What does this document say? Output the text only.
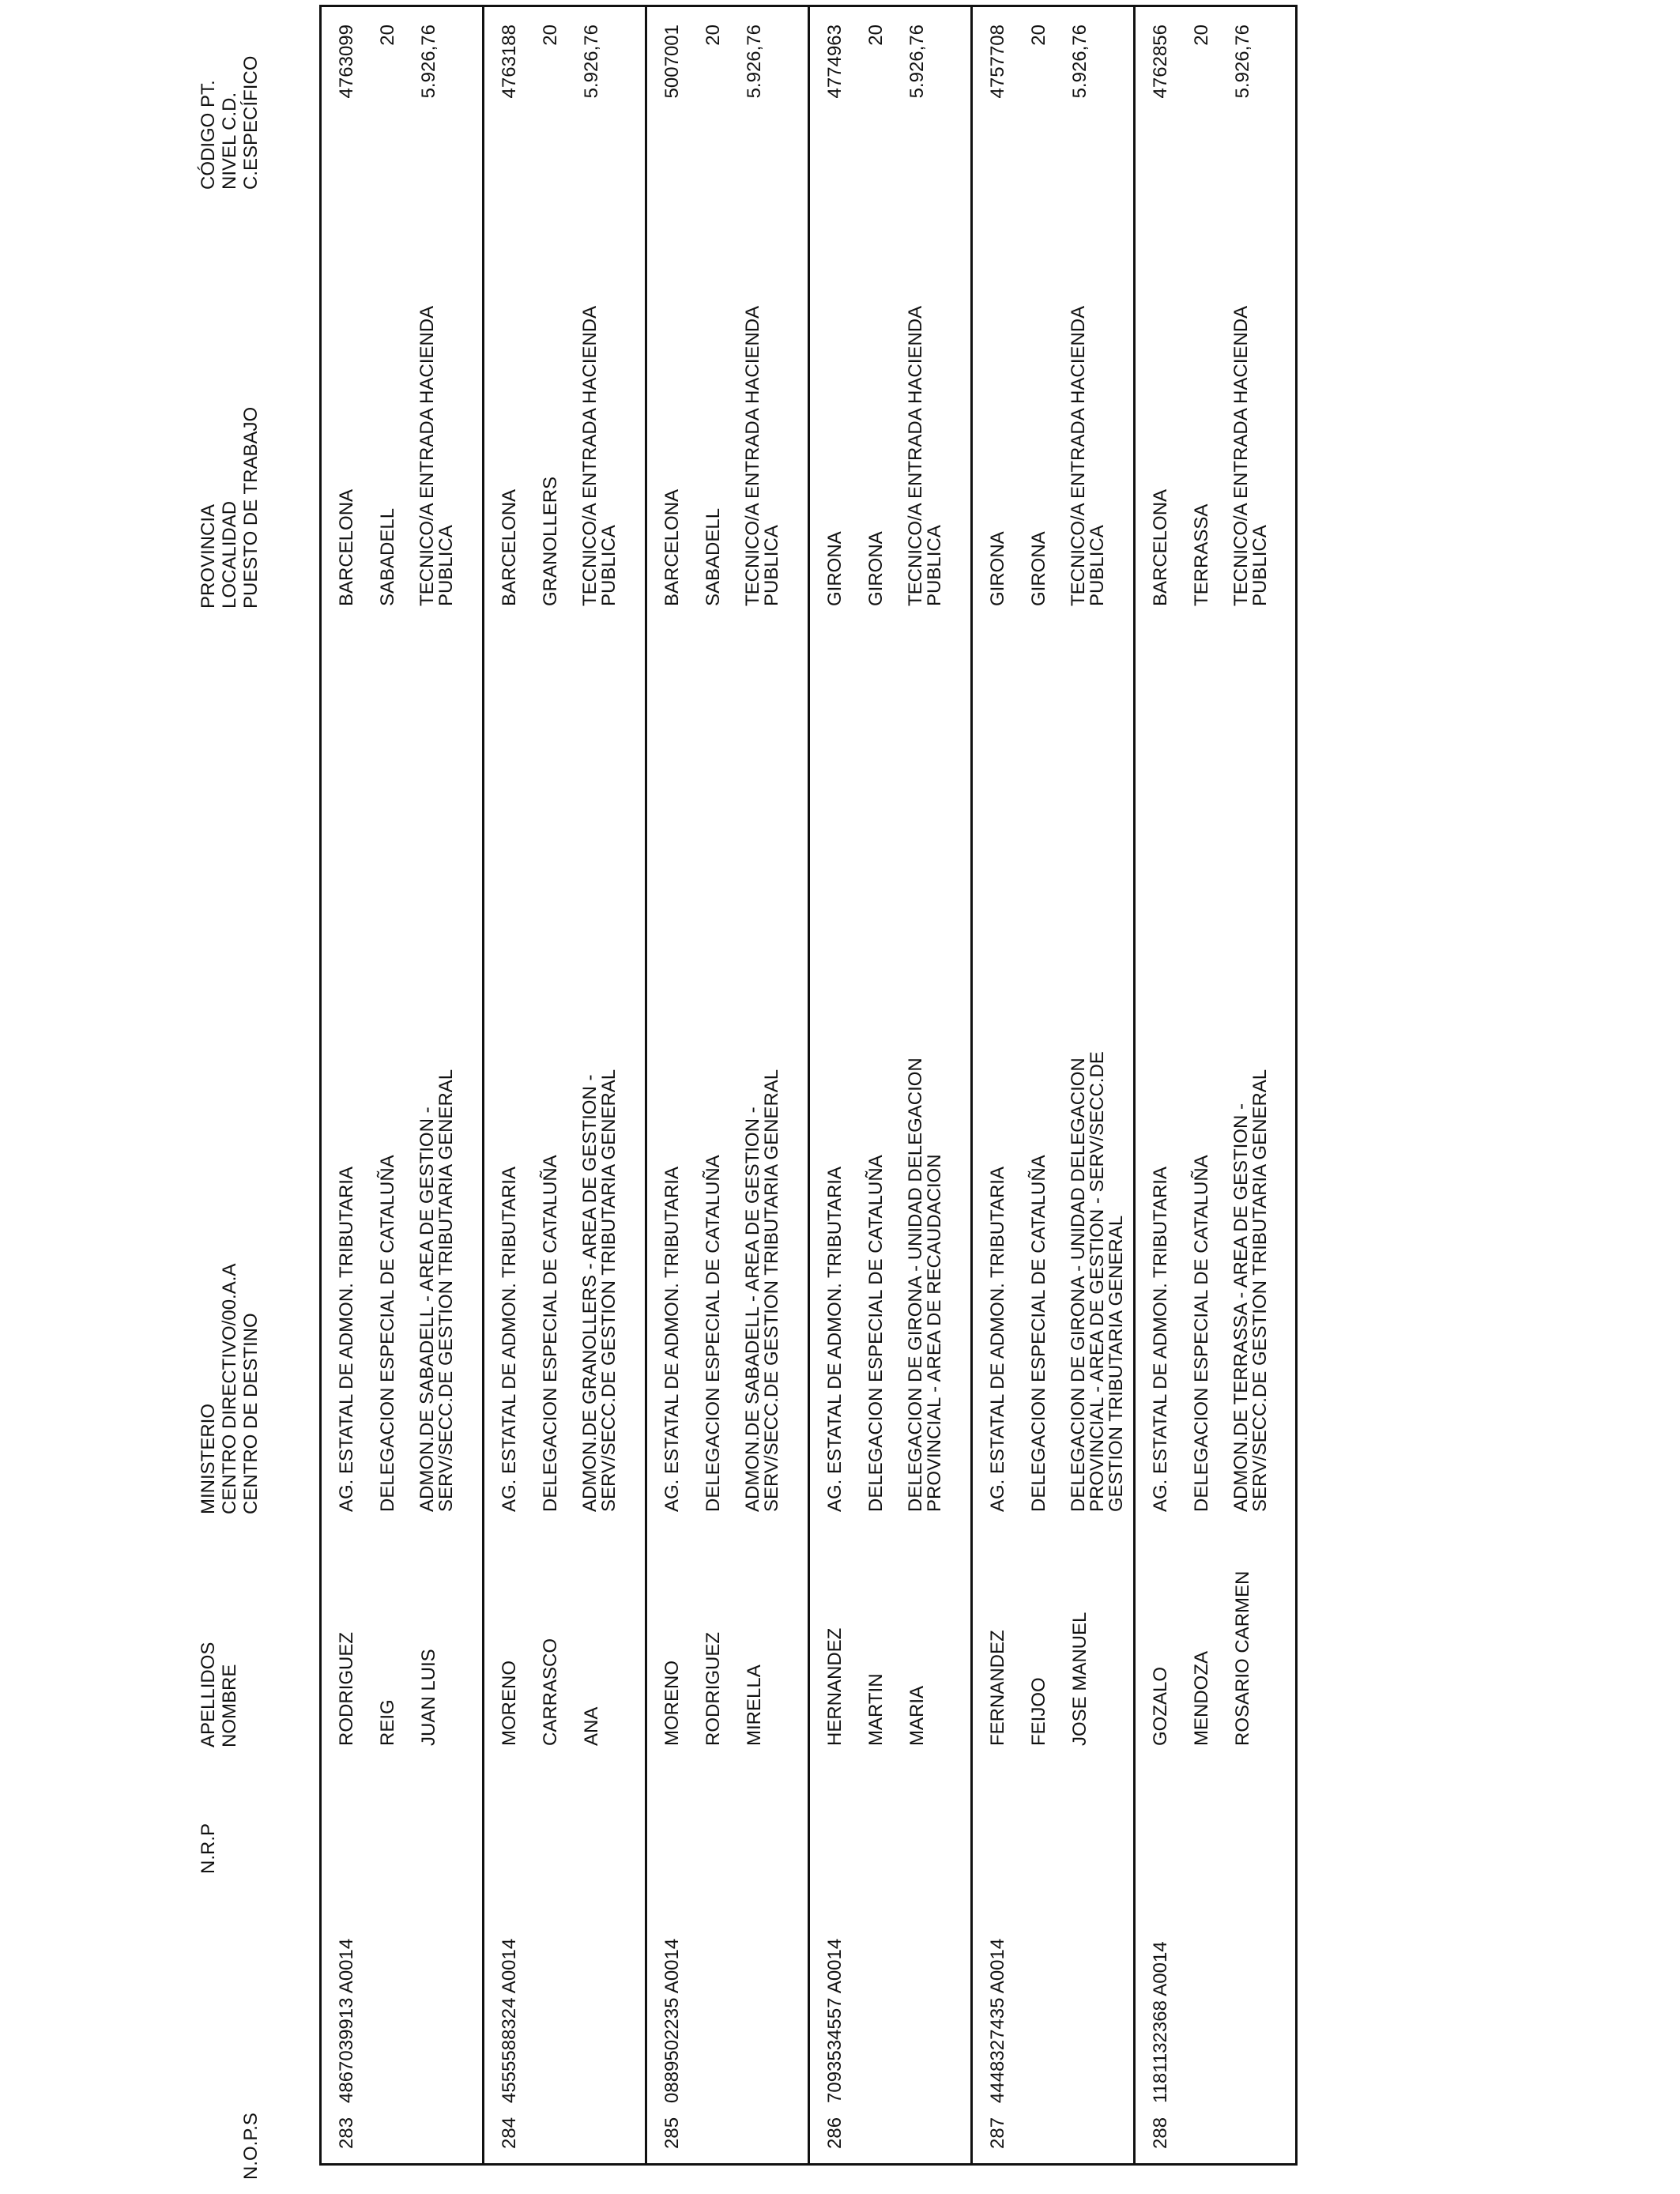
N.O.P.S
N.R.P
APELLIDOS NOMBRE
MINISTERIO CENTRO DIRECTIVO/00.A.A CENTRO DE DESTINO
PROVINCIA LOCALIDAD PUESTO DE TRABAJO
CÓDIGO PT. NIVEL C.D. C.ESPECÍFICO
283
4867039913 A0014
RODRIGUEZ REIG JUAN LUIS
AG. ESTATAL DE ADMON. TRIBUTARIA DELEGACION ESPECIAL DE CATALUÑA ADMON.DE SABADELL - AREA DE GESTION - SERV/SECC.DE GESTION TRIBUTARIA GENERAL
BARCELONA SABADELL TECNICO/A ENTRADA HACIENDA PUBLICA
4763099 20 5.926,76
284
4555588324 A0014
MORENO CARRASCO ANA
AG. ESTATAL DE ADMON. TRIBUTARIA DELEGACION ESPECIAL DE CATALUÑA ADMON.DE GRANOLLERS - AREA DE GESTION - SERV/SECC.DE GESTION TRIBUTARIA GENERAL
BARCELONA GRANOLLERS TECNICO/A ENTRADA HACIENDA PUBLICA
4763188 20 5.926,76
285
0889502235 A0014
MORENO RODRIGUEZ MIRELLA
AG. ESTATAL DE ADMON. TRIBUTARIA DELEGACION ESPECIAL DE CATALUÑA ADMON.DE SABADELL - AREA DE GESTION - SERV/SECC.DE GESTION TRIBUTARIA GENERAL
BARCELONA SABADELL TECNICO/A ENTRADA HACIENDA PUBLICA
5007001 20 5.926,76
286
7093534557 A0014
HERNANDEZ MARTIN MARIA
AG. ESTATAL DE ADMON. TRIBUTARIA DELEGACION ESPECIAL DE CATALUÑA DELEGACION DE GIRONA - UNIDAD DELEGACION PROVINCIAL - AREA DE RECAUDACION
GIRONA GIRONA TECNICO/A ENTRADA HACIENDA PUBLICA
4774963 20 5.926,76
287
4448327435 A0014
FERNANDEZ FEIJOO JOSE MANUEL
AG. ESTATAL DE ADMON. TRIBUTARIA DELEGACION ESPECIAL DE CATALUÑA DELEGACION DE GIRONA - UNIDAD DELEGACION PROVINCIAL - AREA DE GESTION - SERV/SECC.DE GESTION TRIBUTARIA GENERAL
GIRONA GIRONA TECNICO/A ENTRADA HACIENDA PUBLICA
4757708 20 5.926,76
288
1181132368 A0014
GOZALO MENDOZA ROSARIO CARMEN
AG. ESTATAL DE ADMON. TRIBUTARIA DELEGACION ESPECIAL DE CATALUÑA ADMON.DE TERRASSA - AREA DE GESTION - SERV/SECC.DE GESTION TRIBUTARIA GENERAL
BARCELONA TERRASSA TECNICO/A ENTRADA HACIENDA PUBLICA
4762856 20 5.926,76
